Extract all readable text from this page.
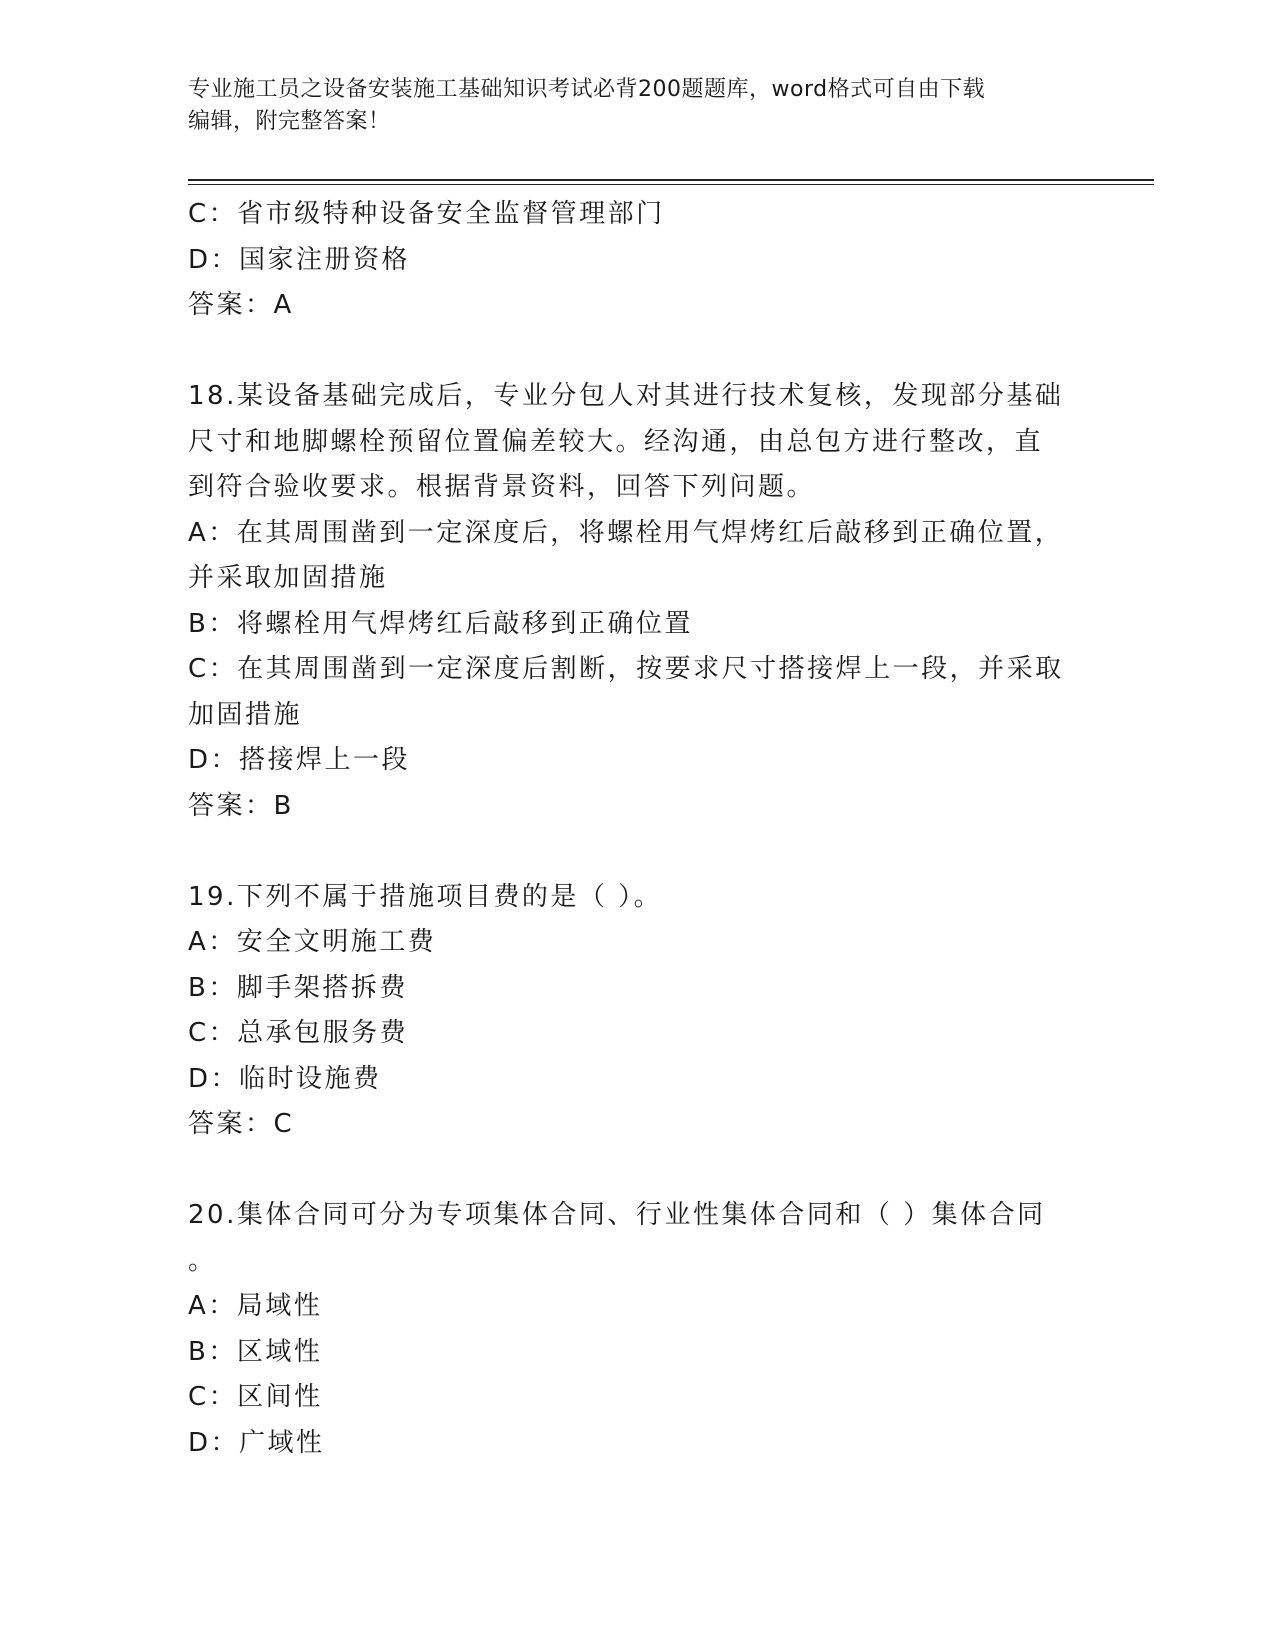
专业施工员之设备安装施工基础知识考试必背200题题库，word格式可自由下载
编辑，附完整答案！
C：省市级特种设备安全监督管理部门
D：国家注册资格
答案：A
18.某设备基础完成后，专业分包人对其进行技术复核，发现部分基础
尺寸和地脚螺栓预留位置偏差较大。经沟通，由总包方进行整改，直
到符合验收要求。根据背景资料，回答下列问题。
A：在其周围凿到一定深度后，将螺栓用气焊烤红后敲移到正确位置，
并采取加固措施
B：将螺栓用气焊烤红后敲移到正确位置
C：在其周围凿到一定深度后割断，按要求尺寸搭接焊上一段，并采取
加固措施
D：搭接焊上一段
答案：B
19.下列不属于措施项目费的是（ ）。
A：安全文明施工费
B：脚手架搭拆费
C：总承包服务费
D：临时设施费
答案：C
20.集体合同可分为专项集体合同、行业性集体合同和（ ）集体合同
。
A：局域性
B：区域性
C：区间性
D：广域性
